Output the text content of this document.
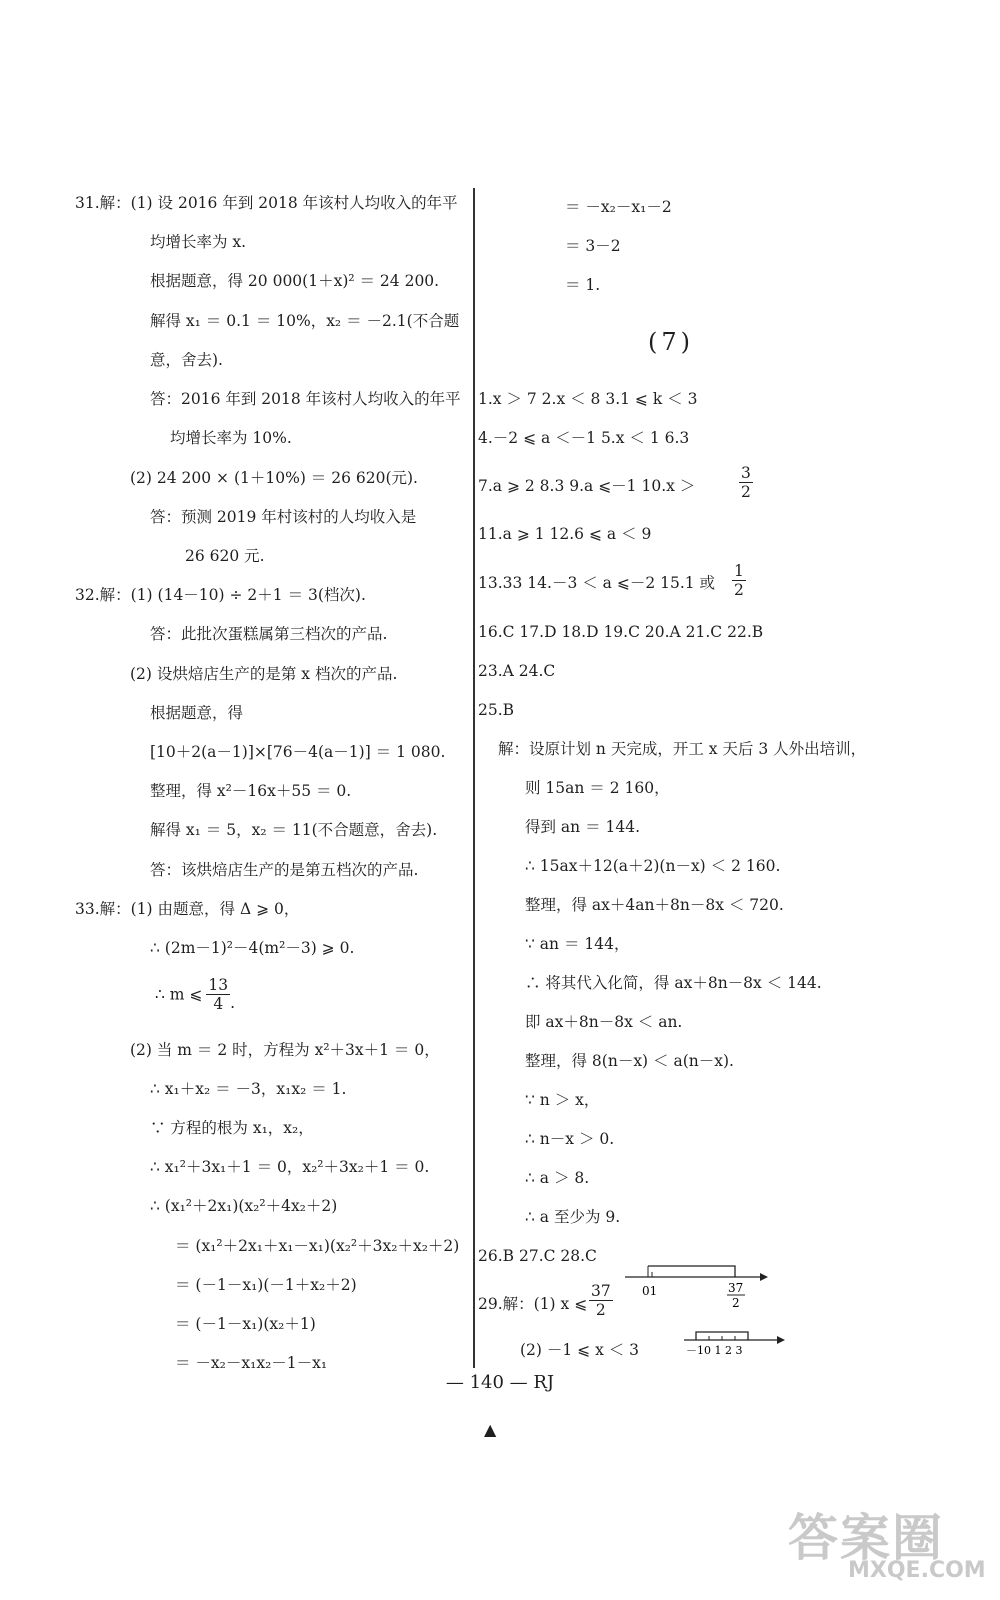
31.解：(1) 设 2016 年到 2018 年该村人均收入的年平
均增长率为 x.
根据题意，得 20 000(1＋x)² ＝ 24 200.
解得 x₁ ＝ 0.1 ＝ 10%，x₂ ＝ －2.1(不合题
意，舍去).
答：2016 年到 2018 年该村人均收入的年平
均增长率为 10%.
(2) 24 200 × (1＋10%) ＝ 26 620(元).
答：预测 2019 年村该村的人均收入是
26 620 元.
32.解：(1) (14－10) ÷ 2＋1 ＝ 3(档次).
答：此批次蛋糕属第三档次的产品.
(2) 设烘焙店生产的是第 x 档次的产品.
根据题意，得
[10＋2(a－1)]×[76－4(a－1)] ＝ 1 080.
整理，得 x²－16x＋55 ＝ 0.
解得 x₁ ＝ 5，x₂ ＝ 11(不合题意，舍去).
答：该烘焙店生产的是第五档次的产品.
33.解：(1) 由题意，得 Δ ⩾ 0，
∴ (2m－1)²－4(m²－3) ⩾ 0.
(2) 当 m ＝ 2 时，方程为 x²＋3x＋1 ＝ 0，
∴ x₁＋x₂ ＝ －3，x₁x₂ ＝ 1.
∵ 方程的根为 x₁，x₂，
∴ x₁²＋3x₁＋1 ＝ 0，x₂²＋3x₂＋1 ＝ 0.
∴ (x₁²＋2x₁)(x₂²＋4x₂＋2)
＝ (x₁²＋2x₁＋x₁－x₁)(x₂²＋3x₂＋x₂＋2)
＝ (－1－x₁)(－1＋x₂＋2)
＝ (－1－x₁)(x₂＋1)
＝ －x₂－x₁x₂－1－x₁
＝ －x₂－x₁－2
＝ 3－2
＝ 1.
1.x ＞ 7 2.x ＜ 8 3.1 ⩽ k ＜ 3
4.－2 ⩽ a ＜－1 5.x ＜ 1 6.3
7.a ⩾ 2 8.3 9.a ⩽－1 10.x ＞
11.a ⩾ 1 12.6 ⩽ a ＜ 9
13.33 14.－3 ＜ a ⩽－2 15.1 或
16.C 17.D 18.D 19.C 20.A 21.C 22.B
23.A 24.C
25.B
解：设原计划 n 天完成，开工 x 天后 3 人外出培训，
则 15an ＝ 2 160，
得到 an ＝ 144.
∴ 15ax＋12(a＋2)(n－x) ＜ 2 160.
整理，得 ax＋4an＋8n－8x ＜ 720.
∵ an ＝ 144，
∴ 将其代入化简，得 ax＋8n－8x ＜ 144.
即 ax＋8n－8x ＜ an.
整理，得 8(n－x) ＜ a(n－x).
∵ n ＞ x，
∴ n－x ＞ 0.
∴ a ＞ 8.
∴ a 至少为 9.
26.B 27.C 28.C
29.解：(1) x ⩽
(2) －1 ⩽ x ＜ 3
(7)
01	37
2
－10 1 2 3
— 140 — RJ
▲
答案圈
MXQE.COM
∴ m ⩽ $\frac{13}{4}$ .
$\frac{3}{2}$
$\frac{1}{2}$
$\frac{37}{2}$
